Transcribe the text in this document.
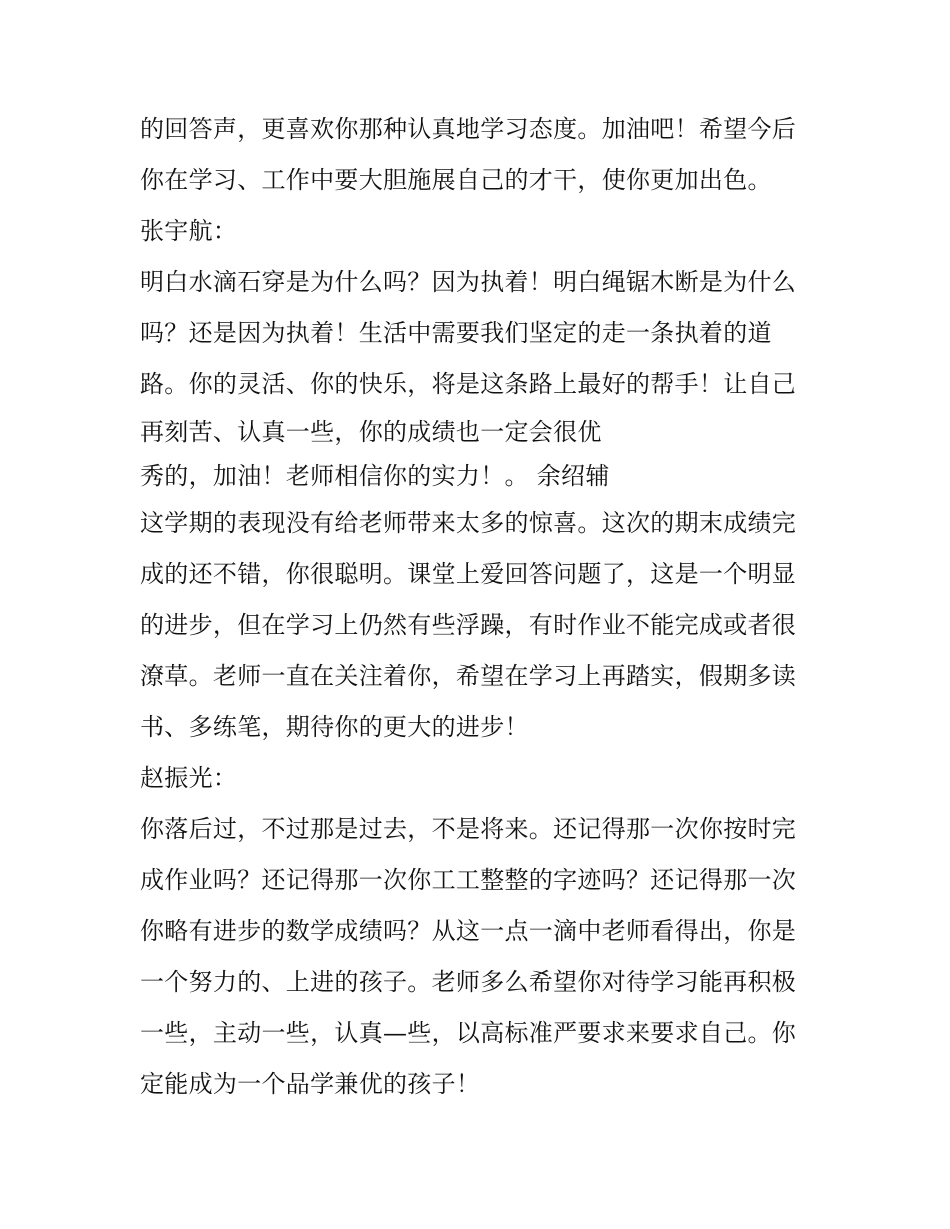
的回答声，更喜欢你那种认真地学习态度。加油吧！希望今后
你在学习、工作中要大胆施展自己的才干，使你更加出色。
张宇航：
明白水滴石穿是为什么吗？因为执着！明白绳锯木断是为什么
吗？还是因为执着！生活中需要我们坚定的走一条执着的道
路。你的灵活、你的快乐，将是这条路上最好的帮手！让自己
再刻苦、认真一些，你的成绩也一定会很优
秀的，加油！老师相信你的实力！。 余绍辅
这学期的表现没有给老师带来太多的惊喜。这次的期末成绩完
成的还不错，你很聪明。课堂上爱回答问题了，这是一个明显
的进步，但在学习上仍然有些浮躁，有时作业不能完成或者很
潦草。老师一直在关注着你，希望在学习上再踏实，假期多读
书、多练笔，期待你的更大的进步！
赵振光：
你落后过，不过那是过去，不是将来。还记得那一次你按时完
成作业吗？还记得那一次你工工整整的字迹吗？还记得那一次
你略有进步的数学成绩吗？从这一点一滴中老师看得出，你是
一个努力的、上进的孩子。老师多么希望你对待学习能再积极
一些，主动一些，认真—些，以高标准严要求来要求自己。你
定能成为一个品学兼优的孩子！
